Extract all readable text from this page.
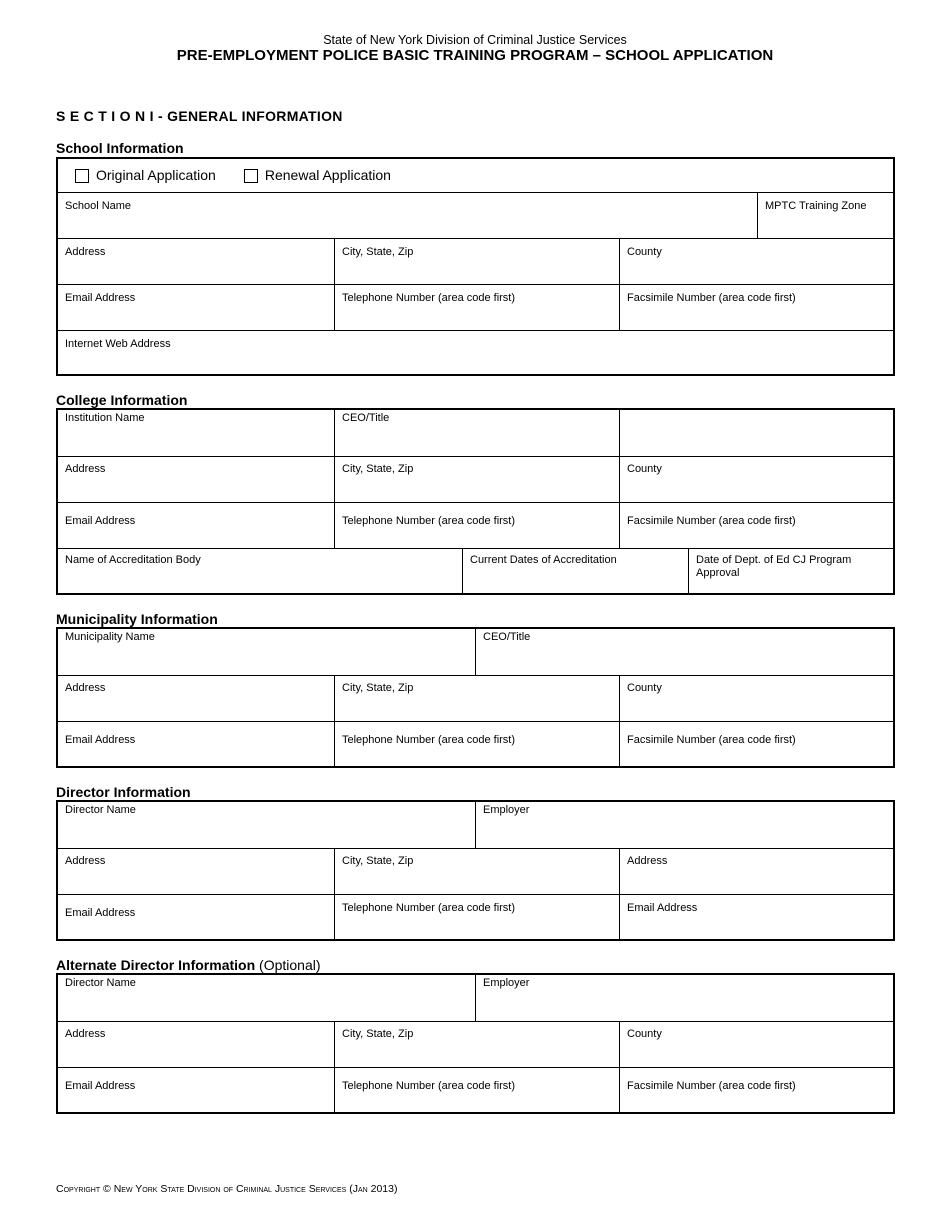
State of New York Division of Criminal Justice Services
PRE-EMPLOYMENT POLICE BASIC TRAINING PROGRAM – SCHOOL APPLICATION
S E C T I O N I - GENERAL INFORMATION
School Information
Original Application	Renewal Application
School Name	MPTC Training Zone
Address	City, State, Zip	County
Email Address	Telephone Number (area code first)	Facsimile Number (area code first)
Internet Web Address
College Information
Institution Name	CEO/Title
Address	City, State, Zip	County
Email Address	Telephone Number (area code first)	Facsimile Number (area code first)
Name of Accreditation Body	Current Dates of Accreditation	Date of Dept. of Ed CJ Program Approval
Municipality Information
Municipality Name	CEO/Title
Address	City, State, Zip	County
Email Address	Telephone Number (area code first)	Facsimile Number (area code first)
Director Information
Director Name	Employer
Address	City, State, Zip	Address
Email Address	Telephone Number (area code first)	Email Address
Alternate Director Information (Optional)
Director Name	Employer
Address	City, State, Zip	County
Email Address	Telephone Number (area code first)	Facsimile Number (area code first)
Copyright © New York State Division of Criminal Justice Services (Jan 2013)
